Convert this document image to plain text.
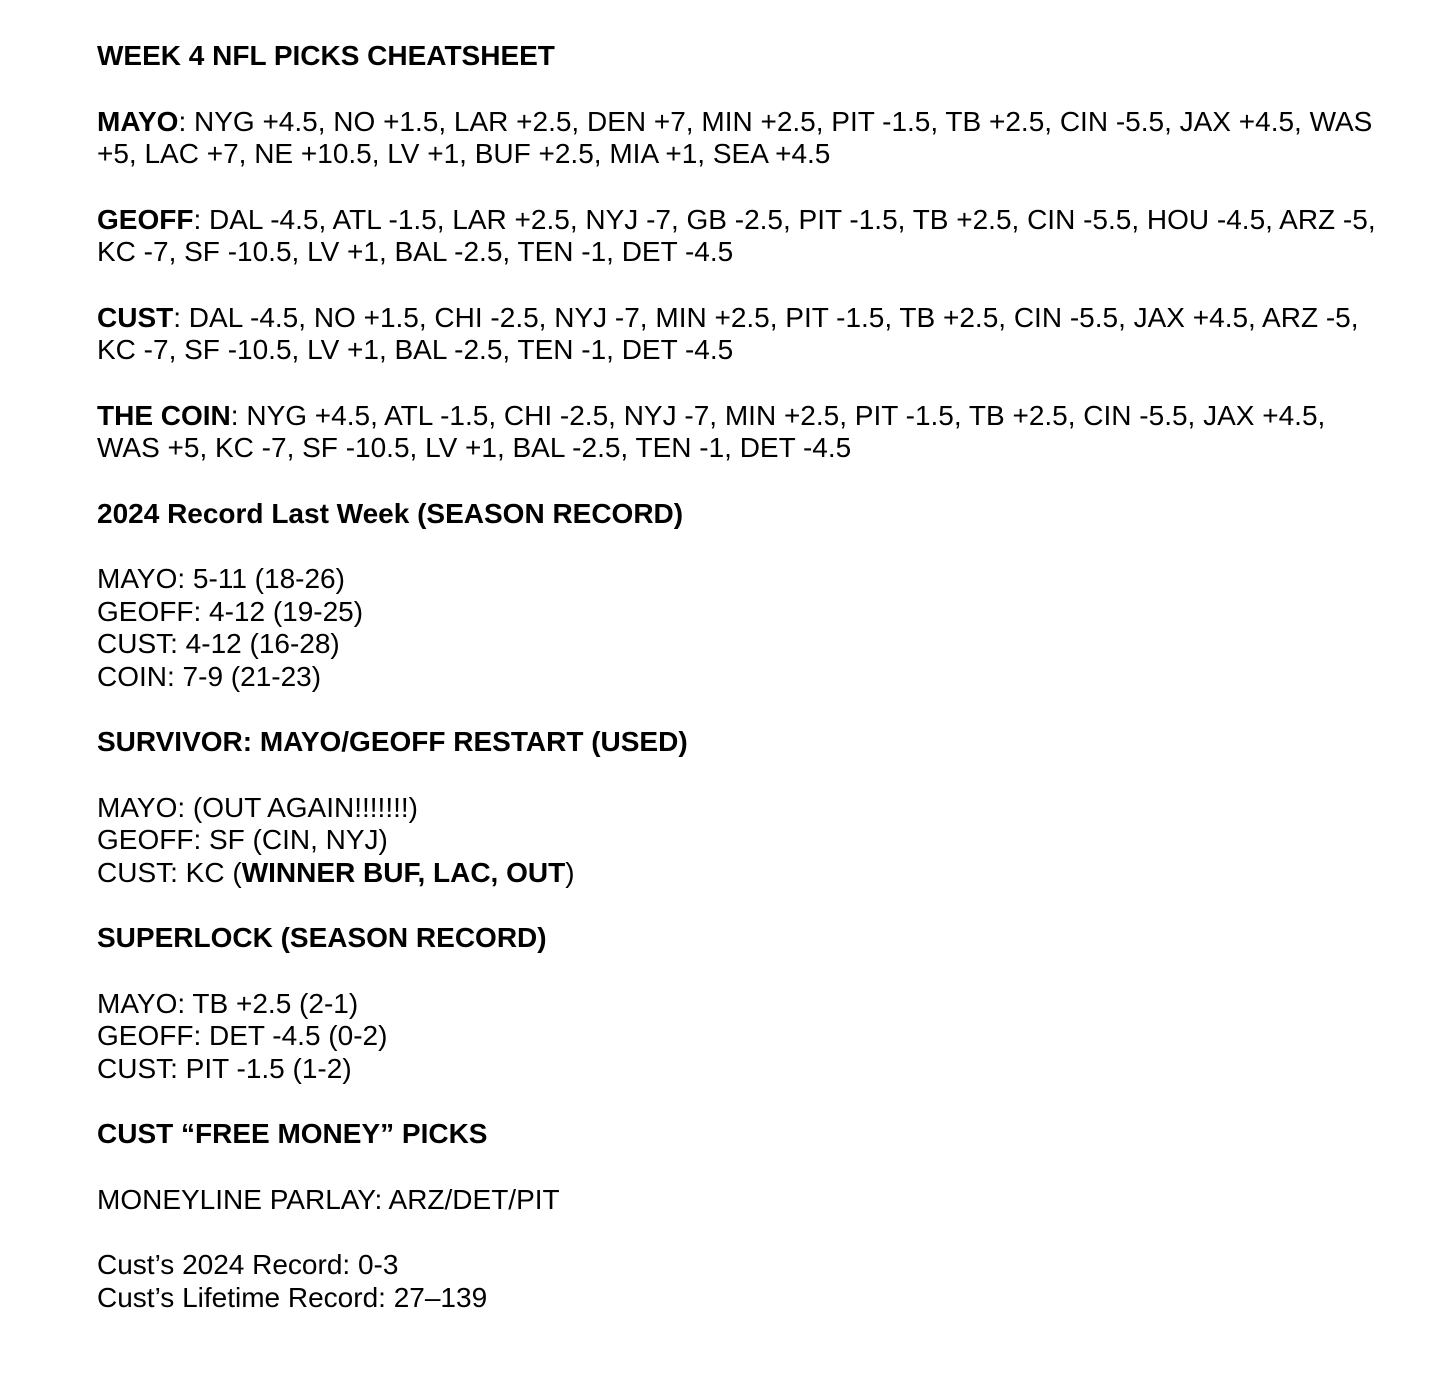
WEEK 4 NFL PICKS CHEATSHEET
MAYO: NYG +4.5, NO +1.5, LAR +2.5, DEN +7, MIN +2.5, PIT -1.5, TB +2.5, CIN -5.5, JAX +4.5, WAS +5, LAC +7, NE +10.5, LV +1, BUF +2.5, MIA +1, SEA +4.5
GEOFF: DAL -4.5, ATL -1.5, LAR +2.5, NYJ -7, GB -2.5, PIT -1.5, TB +2.5, CIN -5.5, HOU -4.5, ARZ -5, KC -7, SF -10.5, LV +1, BAL -2.5, TEN -1, DET -4.5
CUST: DAL -4.5, NO +1.5, CHI -2.5, NYJ -7, MIN +2.5, PIT -1.5, TB +2.5, CIN -5.5, JAX +4.5, ARZ -5, KC -7, SF -10.5, LV +1, BAL -2.5, TEN -1, DET -4.5
THE COIN: NYG +4.5, ATL -1.5, CHI -2.5, NYJ -7, MIN +2.5, PIT -1.5, TB +2.5, CIN -5.5, JAX +4.5, WAS +5, KC -7, SF -10.5, LV +1, BAL -2.5, TEN -1, DET -4.5
2024 Record Last Week (SEASON RECORD)
MAYO: 5-11 (18-26)
GEOFF: 4-12 (19-25)
CUST: 4-12 (16-28)
COIN: 7-9 (21-23)
SURVIVOR: MAYO/GEOFF RESTART (USED)
MAYO: (OUT AGAIN!!!!!!!)
GEOFF: SF (CIN, NYJ)
CUST: KC (WINNER BUF, LAC, OUT)
SUPERLOCK (SEASON RECORD)
MAYO: TB +2.5 (2-1)
GEOFF: DET -4.5 (0-2)
CUST: PIT -1.5 (1-2)
CUST “FREE MONEY” PICKS
MONEYLINE PARLAY: ARZ/DET/PIT
Cust’s 2024 Record: 0-3
Cust’s Lifetime Record: 27–139
